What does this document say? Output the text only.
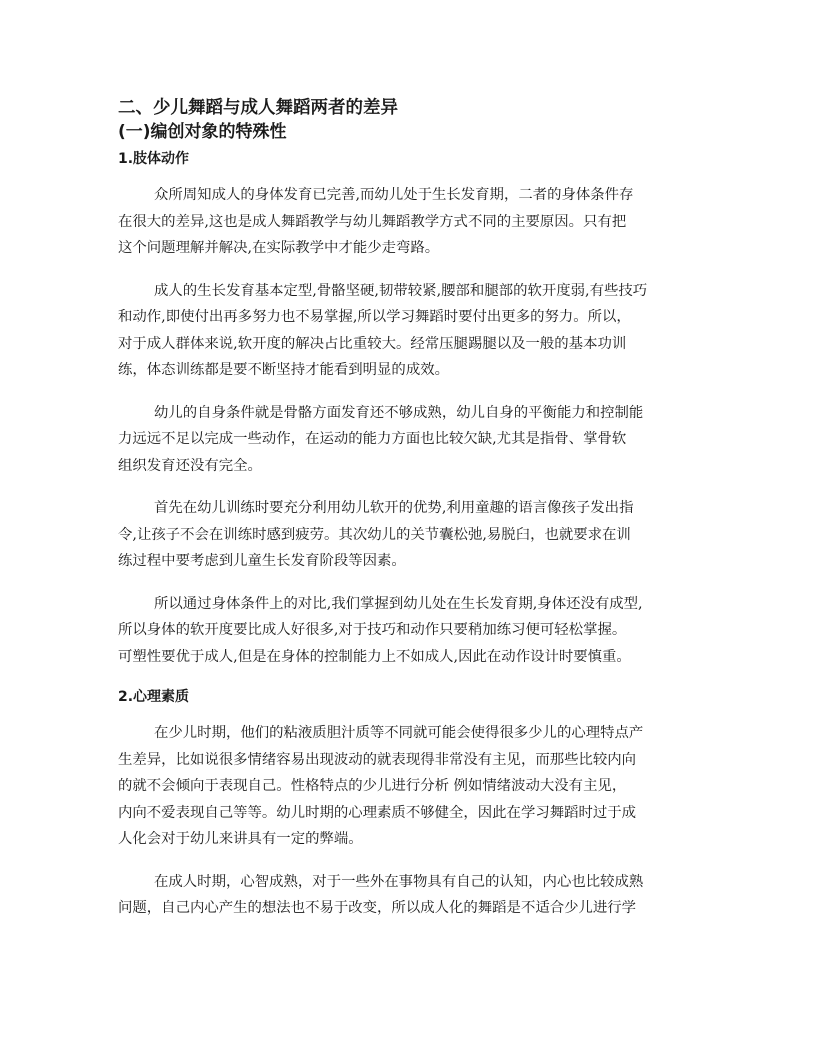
二、少儿舞蹈与成人舞蹈两者的差异
(一)编创对象的特殊性
1.肢体动作
众所周知成人的身体发育已完善,而幼儿处于生长发育期，二者的身体条件存
在很大的差异,这也是成人舞蹈教学与幼儿舞蹈教学方式不同的主要原因。只有把
这个问题理解并解决,在实际教学中才能少走弯路。
成人的生长发育基本定型,骨骼坚硬,韧带较紧,腰部和腿部的软开度弱,有些技巧
和动作,即使付出再多努力也不易掌握,所以学习舞蹈时要付出更多的努力。所以，
对于成人群体来说,软开度的解决占比重较大。经常压腿踢腿以及一般的基本功训
练，体态训练都是要不断坚持才能看到明显的成效。
幼儿的自身条件就是骨骼方面发育还不够成熟，幼儿自身的平衡能力和控制能
力远远不足以完成一些动作，在运动的能力方面也比较欠缺,尤其是指骨、掌骨软
组织发育还没有完全。
首先在幼儿训练时要充分利用幼儿软开的优势,利用童趣的语言像孩子发出指
令,让孩子不会在训练时感到疲劳。其次幼儿的关节囊松弛,易脱臼，也就要求在训
练过程中要考虑到儿童生长发育阶段等因素。
所以通过身体条件上的对比,我们掌握到幼儿处在生长发育期,身体还没有成型,
所以身体的软开度要比成人好很多,对于技巧和动作只要稍加练习便可轻松掌握。
可塑性要优于成人,但是在身体的控制能力上不如成人,因此在动作设计时要慎重。
2.心理素质
在少儿时期，他们的粘液质胆汁质等不同就可能会使得很多少儿的心理特点产
生差异，比如说很多情绪容易出现波动的就表现得非常没有主见，而那些比较内向
的就不会倾向于表现自己。性格特点的少儿进行分析 例如情绪波动大没有主见，
内向不爱表现自己等等。幼儿时期的心理素质不够健全，因此在学习舞蹈时过于成
人化会对于幼儿来讲具有一定的弊端。
在成人时期，心智成熟，对于一些外在事物具有自己的认知，内心也比较成熟
问题，自己内心产生的想法也不易于改变，所以成人化的舞蹈是不适合少儿进行学
